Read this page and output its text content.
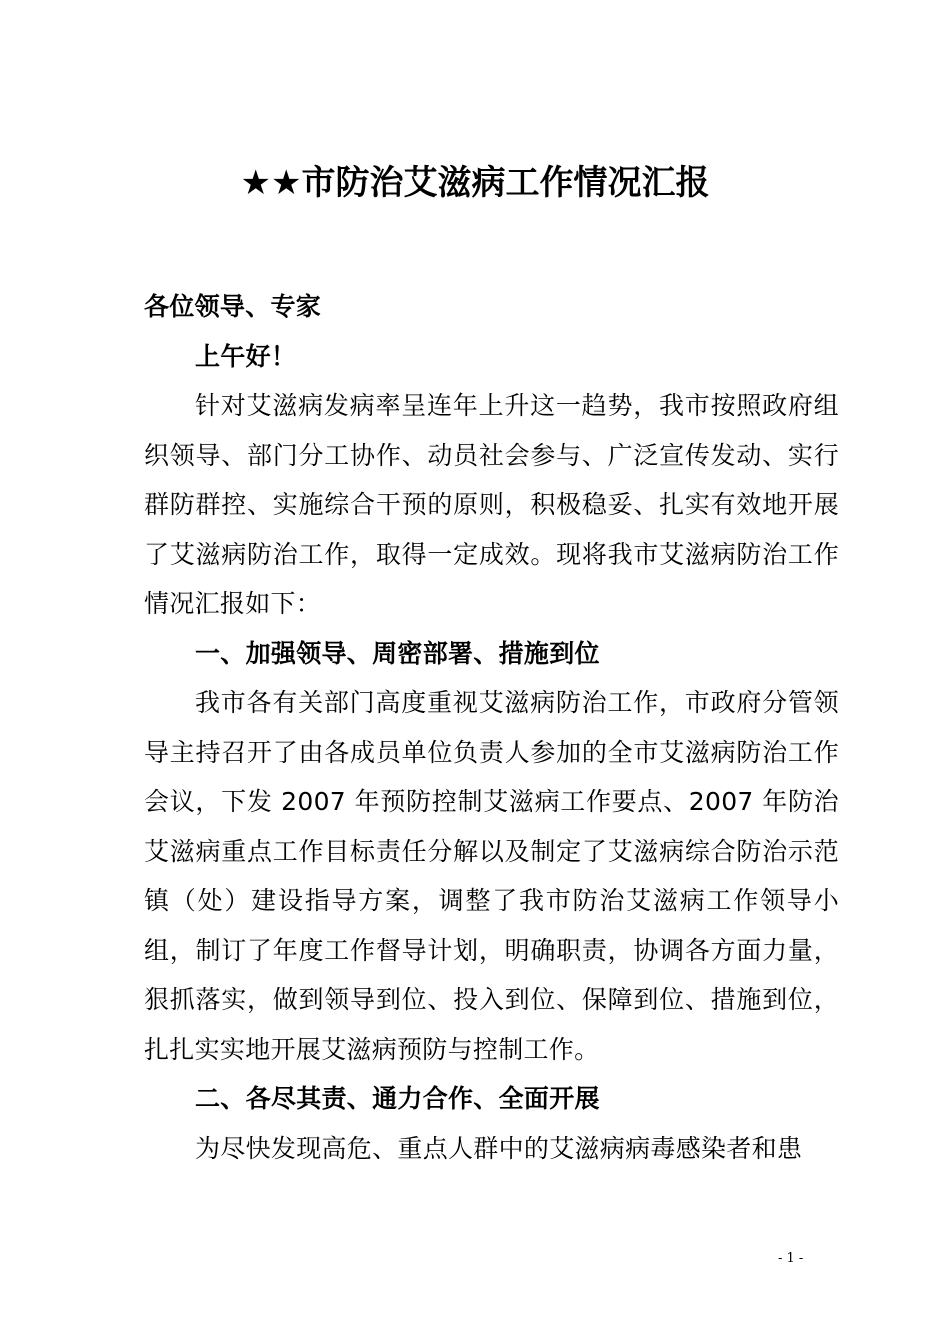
★★市防治艾滋病工作情况汇报

各位领导、专家

上午好！

针对艾滋病发病率呈连年上升这一趋势，我市按照政府组织领导、部门分工协作、动员社会参与、广泛宣传发动、实行群防群控、实施综合干预的原则，积极稳妥、扎实有效地开展了艾滋病防治工作，取得一定成效。现将我市艾滋病防治工作情况汇报如下：

一、加强领导、周密部署、措施到位

我市各有关部门高度重视艾滋病防治工作，市政府分管领导主持召开了由各成员单位负责人参加的全市艾滋病防治工作会议，下发 2007 年预防控制艾滋病工作要点、2007 年防治艾滋病重点工作目标责任分解以及制定了艾滋病综合防治示范镇（处）建设指导方案，调整了我市防治艾滋病工作领导小组，制订了年度工作督导计划，明确职责，协调各方面力量，狠抓落实，做到领导到位、投入到位、保障到位、措施到位，扎扎实实地开展艾滋病预防与控制工作。

二、各尽其责、通力合作、全面开展

为尽快发现高危、重点人群中的艾滋病病毒感染者和患

- 1 -
